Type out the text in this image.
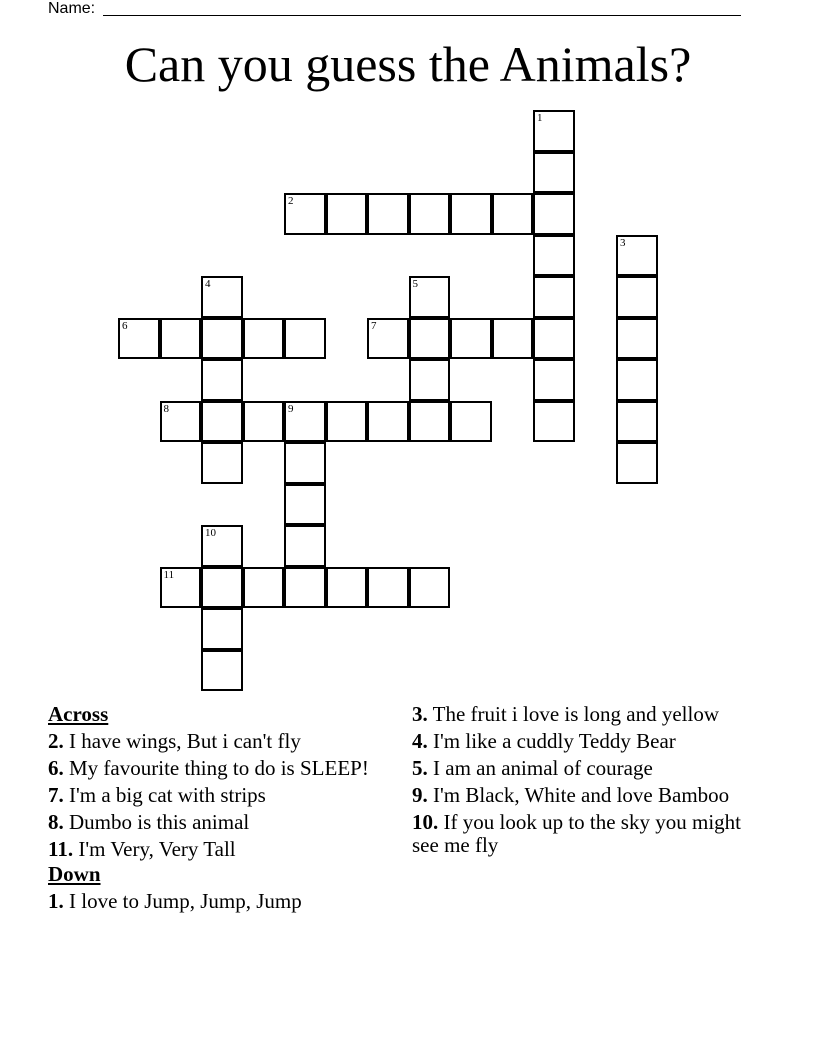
Name:
Can you guess the Animals?
1
2
3
4	5
6	7
8	9
10
11
Across
2. I have wings, But i can't fly
6. My favourite thing to do is SLEEP!
7. I'm a big cat with strips
8. Dumbo is this animal
11. I'm Very, Very Tall
Down
1. I love to Jump, Jump, Jump
3. The fruit i love is long and yellow
4. I'm like a cuddly Teddy Bear
5. I am an animal of courage
9. I'm Black, White and love Bamboo
10. If you look up to the sky you might see me fly
